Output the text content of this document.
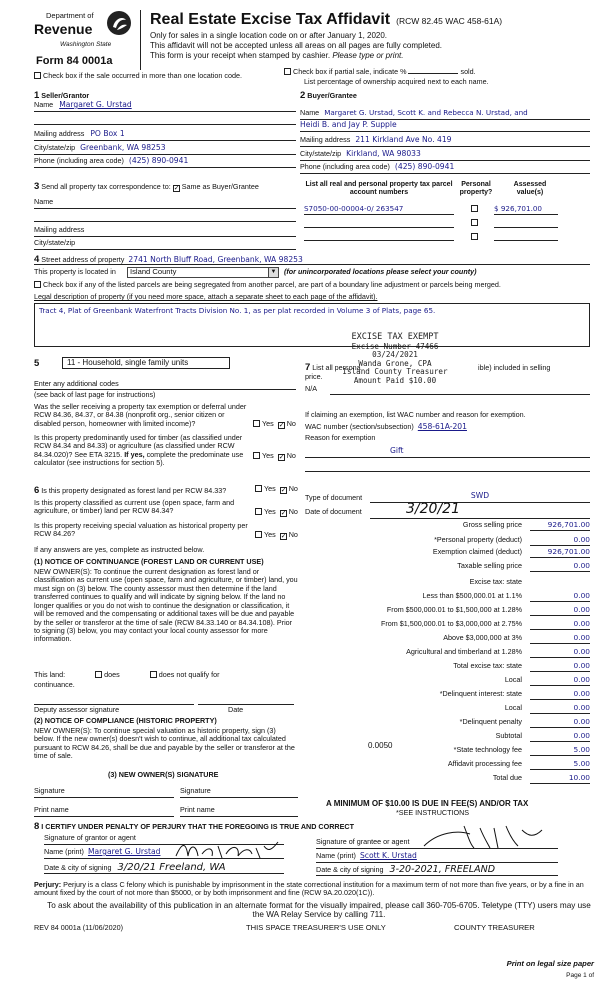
Department of
Revenue
Washington State
Form 84 0001a
Real Estate Excise Tax Affidavit (RCW 82.45 WAC 458-61A)
Only for sales in a single location code on or after January 1, 2020.
This affidavit will not be accepted unless all areas on all pages are fully completed.
This form is your receipt when stamped by cashier. Please type or print.
Check box if the sale occurred in more than one location code.	Check box if partial sale, indicate %	sold.
List percentage of ownership acquired next to each name.
1 Seller/Grantor
Name Margaret G. Urstad
Mailing address PO Box 1
City/state/zip Greenbank, WA 98253
Phone (including area code) (425) 890-0941
2 Buyer/Grantee
Name Margaret G. Urstad, Scott K. and Rebecca N. Urstad, and
Heidi B. and Jay P. Supple
Mailing address 211 Kirkland Ave No. 419
City/state/zip Kirkland, WA 98033
Phone (including area code) (425) 890-0941
3 Send all property tax correspondence to: ✓ Same as Buyer/Grantee
Name
Mailing address
City/state/zip
List all real and personal property tax parcel account numbers
Personal property?
Assessed value(s)
S7050-00-00004-0/ 263547	$ 926,701.00
4 Street address of property 2741 North Bluff Road, Greenbank, WA 98253
This property is located in	Island County	▼ (for unincorporated locations please select your county)
Check box if any of the listed parcels are being segregated from another parcel, are part of a boundary line adjustment or parcels being merged.
Legal description of property (if you need more space, attach a separate sheet to each page of the affidavit).
Tract 4, Plat of Greenbank Waterfront Tracts Division No. 1, as per plat recorded in Volume 3 of Plats, page 65.
EXCISE TAX EXEMPT
Excise Number 47466
03/24/2021
Wanda Grone, CPA
Island County Treasurer
Amount Paid $10.00
5	11 - Household, single family units
Enter any additional codes
(see back of last page for instructions)
Was the seller receiving a property tax exemption or deferral under RCW 84.36, 84.37, or 84.38 (nonprofit org., senior citizen or disabled person, homeowner with limited income)?	Yes ✓ No
Is this property predominantly used for timber (as classified under RCW 84.34 and 84.33) or agriculture (as classified under RCW 84.34.020)? See ETA 3215. If yes, complete the predominate use calculator (see instructions for section 5).
Yes ✓ No
7 List all persona	ible) included in selling
price.
N/A
If claiming an exemption, list WAC number and reason for exemption.
WAC number (section/subsection) 458-61A-201
Reason for exemption
Gift
6 Is this property designated as forest land per RCW 84.33?	Yes ✓ No
Is this property classified as current use (open space, farm and agriculture, or timber) land per RCW 84.34?	Yes ✓ No
Is this property receiving special valuation as historical property per RCW 84.26?	Yes ✓ No
If any answers are yes, complete as instructed below.
(1) NOTICE OF CONTINUANCE (FOREST LAND OR CURRENT USE)
NEW OWNER(S): To continue the current designation as forest land or classification as current use (open space, farm and agriculture, or timber) land, you must sign on (3) below. The county assessor must then determine if the land transferred continues to qualify and will indicate by signing below. If the land no longer qualifies or you do not wish to continue the designation or classification, it will be removed and the compensating or additional taxes will be due and payable by the seller or transferor at the time of sale (RCW 84.33.140 or 84.34.108). Prior to signing (3) below, you may contact your local county assessor for more information.
This land:	does	does not qualify for
continuance.
Deputy assessor signature	Date
(2) NOTICE OF COMPLIANCE (HISTORIC PROPERTY)
NEW OWNER(S): To continue special valuation as historic property, sign (3) below. If the new owner(s) doesn't wish to continue, all additional tax calculated pursuant to RCW 84.26, shall be due and payable by the seller or transferor at the time of sale.
(3) NEW OWNER(S) SIGNATURE
Signature	Signature
Print name	Print name
Type of document	SWD
Date of document	3/20/21
Gross selling price	926,701.00
*Personal property (deduct)	0.00
Exemption claimed (deduct)	926,701.00
Taxable selling price	0.00
Excise tax: state
Less than $500,000.01 at 1.1%	0.00
From $500,000.01 to $1,500,000 at 1.28%	0.00
From $1,500,000.01 to $3,000,000 at 2.75%	0.00
Above $3,000,000 at 3%	0.00
Agricultural and timberland at 1.28%	0.00
Total excise tax: state	0.00
Local	0.00
*Delinquent interest: state	0.00
Local	0.00
*Delinquent penalty	0.00
Subtotal	0.00
*State technology fee	5.00
Affidavit processing fee	5.00
Total due	10.00
0.0050
A MINIMUM OF $10.00 IS DUE IN FEE(S) AND/OR TAX
*SEE INSTRUCTIONS
8 I CERTIFY UNDER PENALTY OF PERJURY THAT THE FOREGOING IS TRUE AND CORRECT
Signature of grantor or agent
Name (print) Margaret G. Urstad
Date & city of signing 3/20/21 Freeland, WA
Signature of grantee or agent
Name (print) Scott K. Urstad
Date & city of signing 3-20-2021, FREELAND
Perjury: Perjury is a class C felony which is punishable by imprisonment in the state correctional institution for a maximum term of not more than five years, or by a fine in an amount fixed by the court of not more than $5000, or by both imprisonment and fine (RCW 9A.20.020(1C)).
To ask about the availability of this publication in an alternate format for the visually impaired, please call 360-705-6705. Teletype (TTY) users may use the WA Relay Service by calling 711.
REV 84 0001a (11/06/2020)	THIS SPACE TREASURER'S USE ONLY	COUNTY TREASURER
Print on legal size paper
Page 1 of
